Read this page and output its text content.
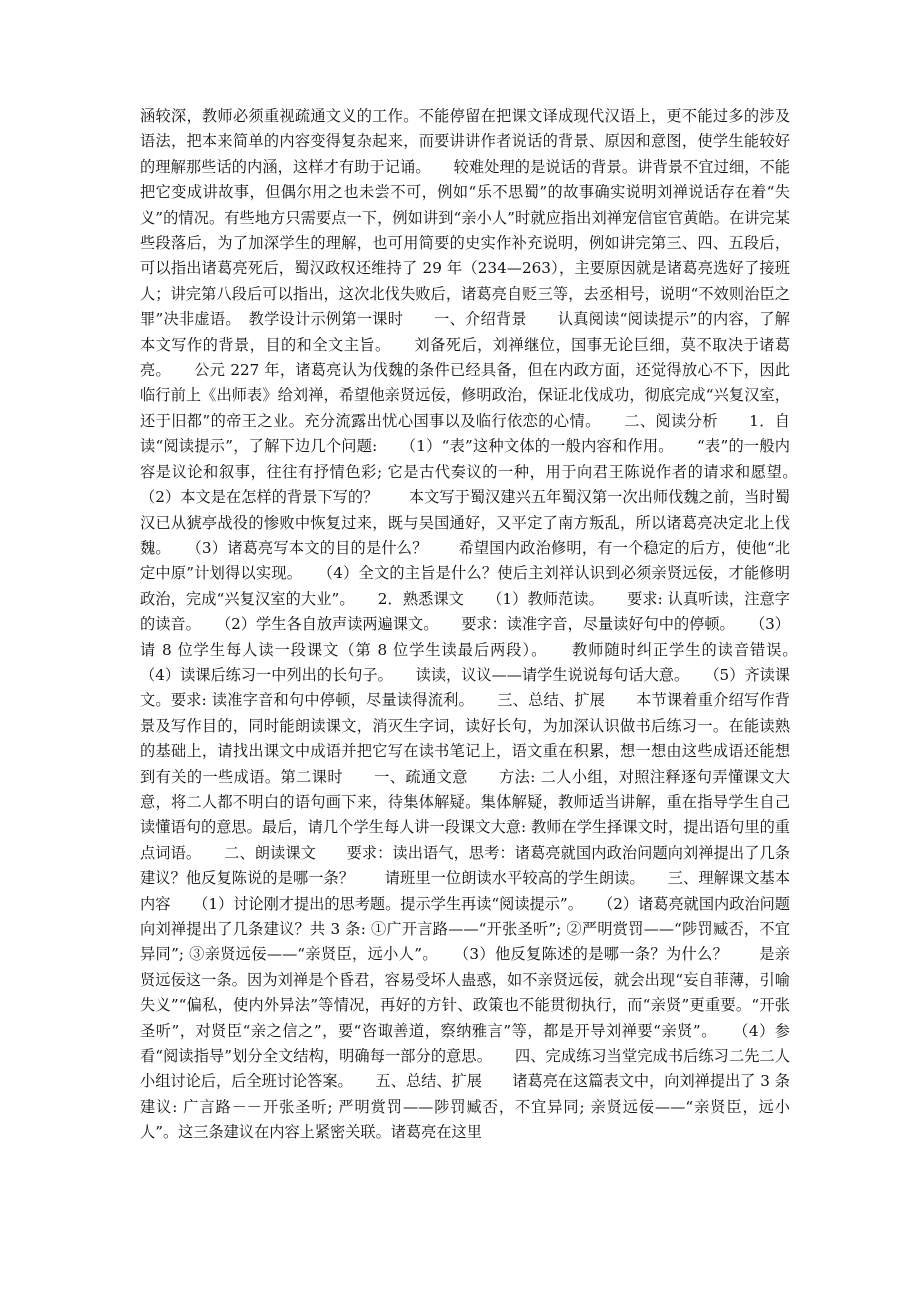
涵较深，教师必须重视疏通文义的工作。不能停留在把课文译成现代汉语上，更不能过多的涉及语法，把本来简单的内容变得复杂起来，而要讲讲作者说话的背景、原因和意图，使学生能较好的理解那些话的内涵，这样才有助于记诵。　　较难处理的是说话的背景。讲背景不宜过细，不能把它变成讲故事，但偶尔用之也未尝不可，例如“乐不思蜀”的故事确实说明刘禅说话存在着“失义”的情况。有些地方只需要点一下，例如讲到“亲小人”时就应指出刘禅宠信宦官黄皓。在讲完某些段落后，为了加深学生的理解，也可用简要的史实作补充说明，例如讲完第三、四、五段后，可以指出诸葛亮死后，蜀汉政权还维持了 29 年（234—263），主要原因就是诸葛亮选好了接班人；讲完第八段后可以指出，这次北伐失败后，诸葛亮自贬三等，去丞相号，说明“不效则治臣之罪”决非虚语。　教学设计示例第一课时　　一、介绍背景　　认真阅读“阅读提示”的内容，了解本文写作的背景，目的和全文主旨。　　刘备死后，刘禅继位，国事无论巨细，莫不取决于诸葛亮。　　公元 227 年，诸葛亮认为伐魏的条件已经具备，但在内政方面，还觉得放心不下，因此临行前上《出师表》给刘禅，希望他亲贤远佞，修明政治，保证北伐成功，彻底完成“兴复汉室，还于旧都”的帝王之业。充分流露出忧心国事以及临行依恋的心情。　　二、阅读分析　　1．自读“阅读提示”，了解下边几个问题:　　（1）“表”这种文体的一般内容和作用。　　“表”的一般内容是议论和叙事，往往有抒情色彩; 它是古代奏议的一种，用于向君王陈说作者的请求和愿望。　　（2）本文是在怎样的背景下写的？　　本文写于蜀汉建兴五年蜀汉第一次出师伐魏之前，当时蜀汉已从猇亭战役的惨败中恢复过来，既与吴国通好，又平定了南方叛乱，所以诸葛亮决定北上伐魏。　　（3）诸葛亮写本文的目的是什么？　　希望国内政治修明，有一个稳定的后方，使他“北定中原”计划得以实现。　　（4）全文的主旨是什么？使后主刘祥认识到必须亲贤远佞，才能修明政治，完成“兴复汉室的大业”。　　2．熟悉课文　　（1）教师范读。　　要求: 认真听读，注意字的读音。　　（2）学生各自放声读两遍课文。　　要求：读准字音，尽量读好句中的停顿。　　（3）请 8 位学生每人读一段课文（第 8 位学生读最后两段）。　　教师随时纠正学生的读音错误。　　（4）读课后练习一中列出的长句子。　　读读，议议——请学生说说每句话大意。　　（5）齐读课文。要求: 读准字音和句中停顿，尽量读得流利。　　三、总结、扩展　　本节课着重介绍写作背景及写作目的，同时能朗读课文，消灭生字词，读好长句，为加深认识做书后练习一。在能读熟的基础上，请找出课文中成语并把它写在读书笔记上，语文重在积累，想一想由这些成语还能想到有关的一些成语。第二课时　　一、疏通文意　　方法: 二人小组，对照注释逐句弄懂课文大意，将二人都不明白的语句画下来，待集体解疑。集体解疑，教师适当讲解，重在指导学生自己读懂语句的意思。最后，请几个学生每人讲一段课文大意: 教师在学生择课文时，提出语句里的重点词语。　　二、朗读课文　　要求：读出语气，思考：诸葛亮就国内政治问题向刘禅提出了几条建议？他反复陈说的是哪一条？　　请班里一位朗读水平较高的学生朗读。　　三、理解课文基本内容　　（1）讨论刚才提出的思考题。提示学生再读“阅读提示”。　　（2）诸葛亮就国内政治问题向刘禅提出了几条建议？共 3 条: ①广开言路——“开张圣听”; ②严明赏罚——“陟罚臧否，不宜异同”; ③亲贤远佞——“亲贤臣，远小人”。　　（3）他反复陈述的是哪一条？为什么？　　是亲贤远佞这一条。因为刘禅是个昏君，容易受坏人蛊惑，如不亲贤远佞，就会出现“妄自菲薄，引喻失义”“偏私，使内外异法”等情况，再好的方针、政策也不能贯彻执行，而“亲贤”更重要。“开张圣听”，对贤臣“亲之信之”，要“咨诹善道，察纳雅言”等，都是开导刘禅要“亲贤”。　　（4）参看“阅读指导”划分全文结构，明确每一部分的意思。　　四、完成练习当堂完成书后练习二先二人小组讨论后，后全班讨论答案。　　五、总结、扩展　　诸葛亮在这篇表文中，向刘禅提出了 3 条建议: 广言路－－开张圣听; 严明赏罚——陟罚臧否，不宜异同; 亲贤远佞——“亲贤臣，远小人”。这三条建议在内容上紧密关联。诸葛亮在这里
